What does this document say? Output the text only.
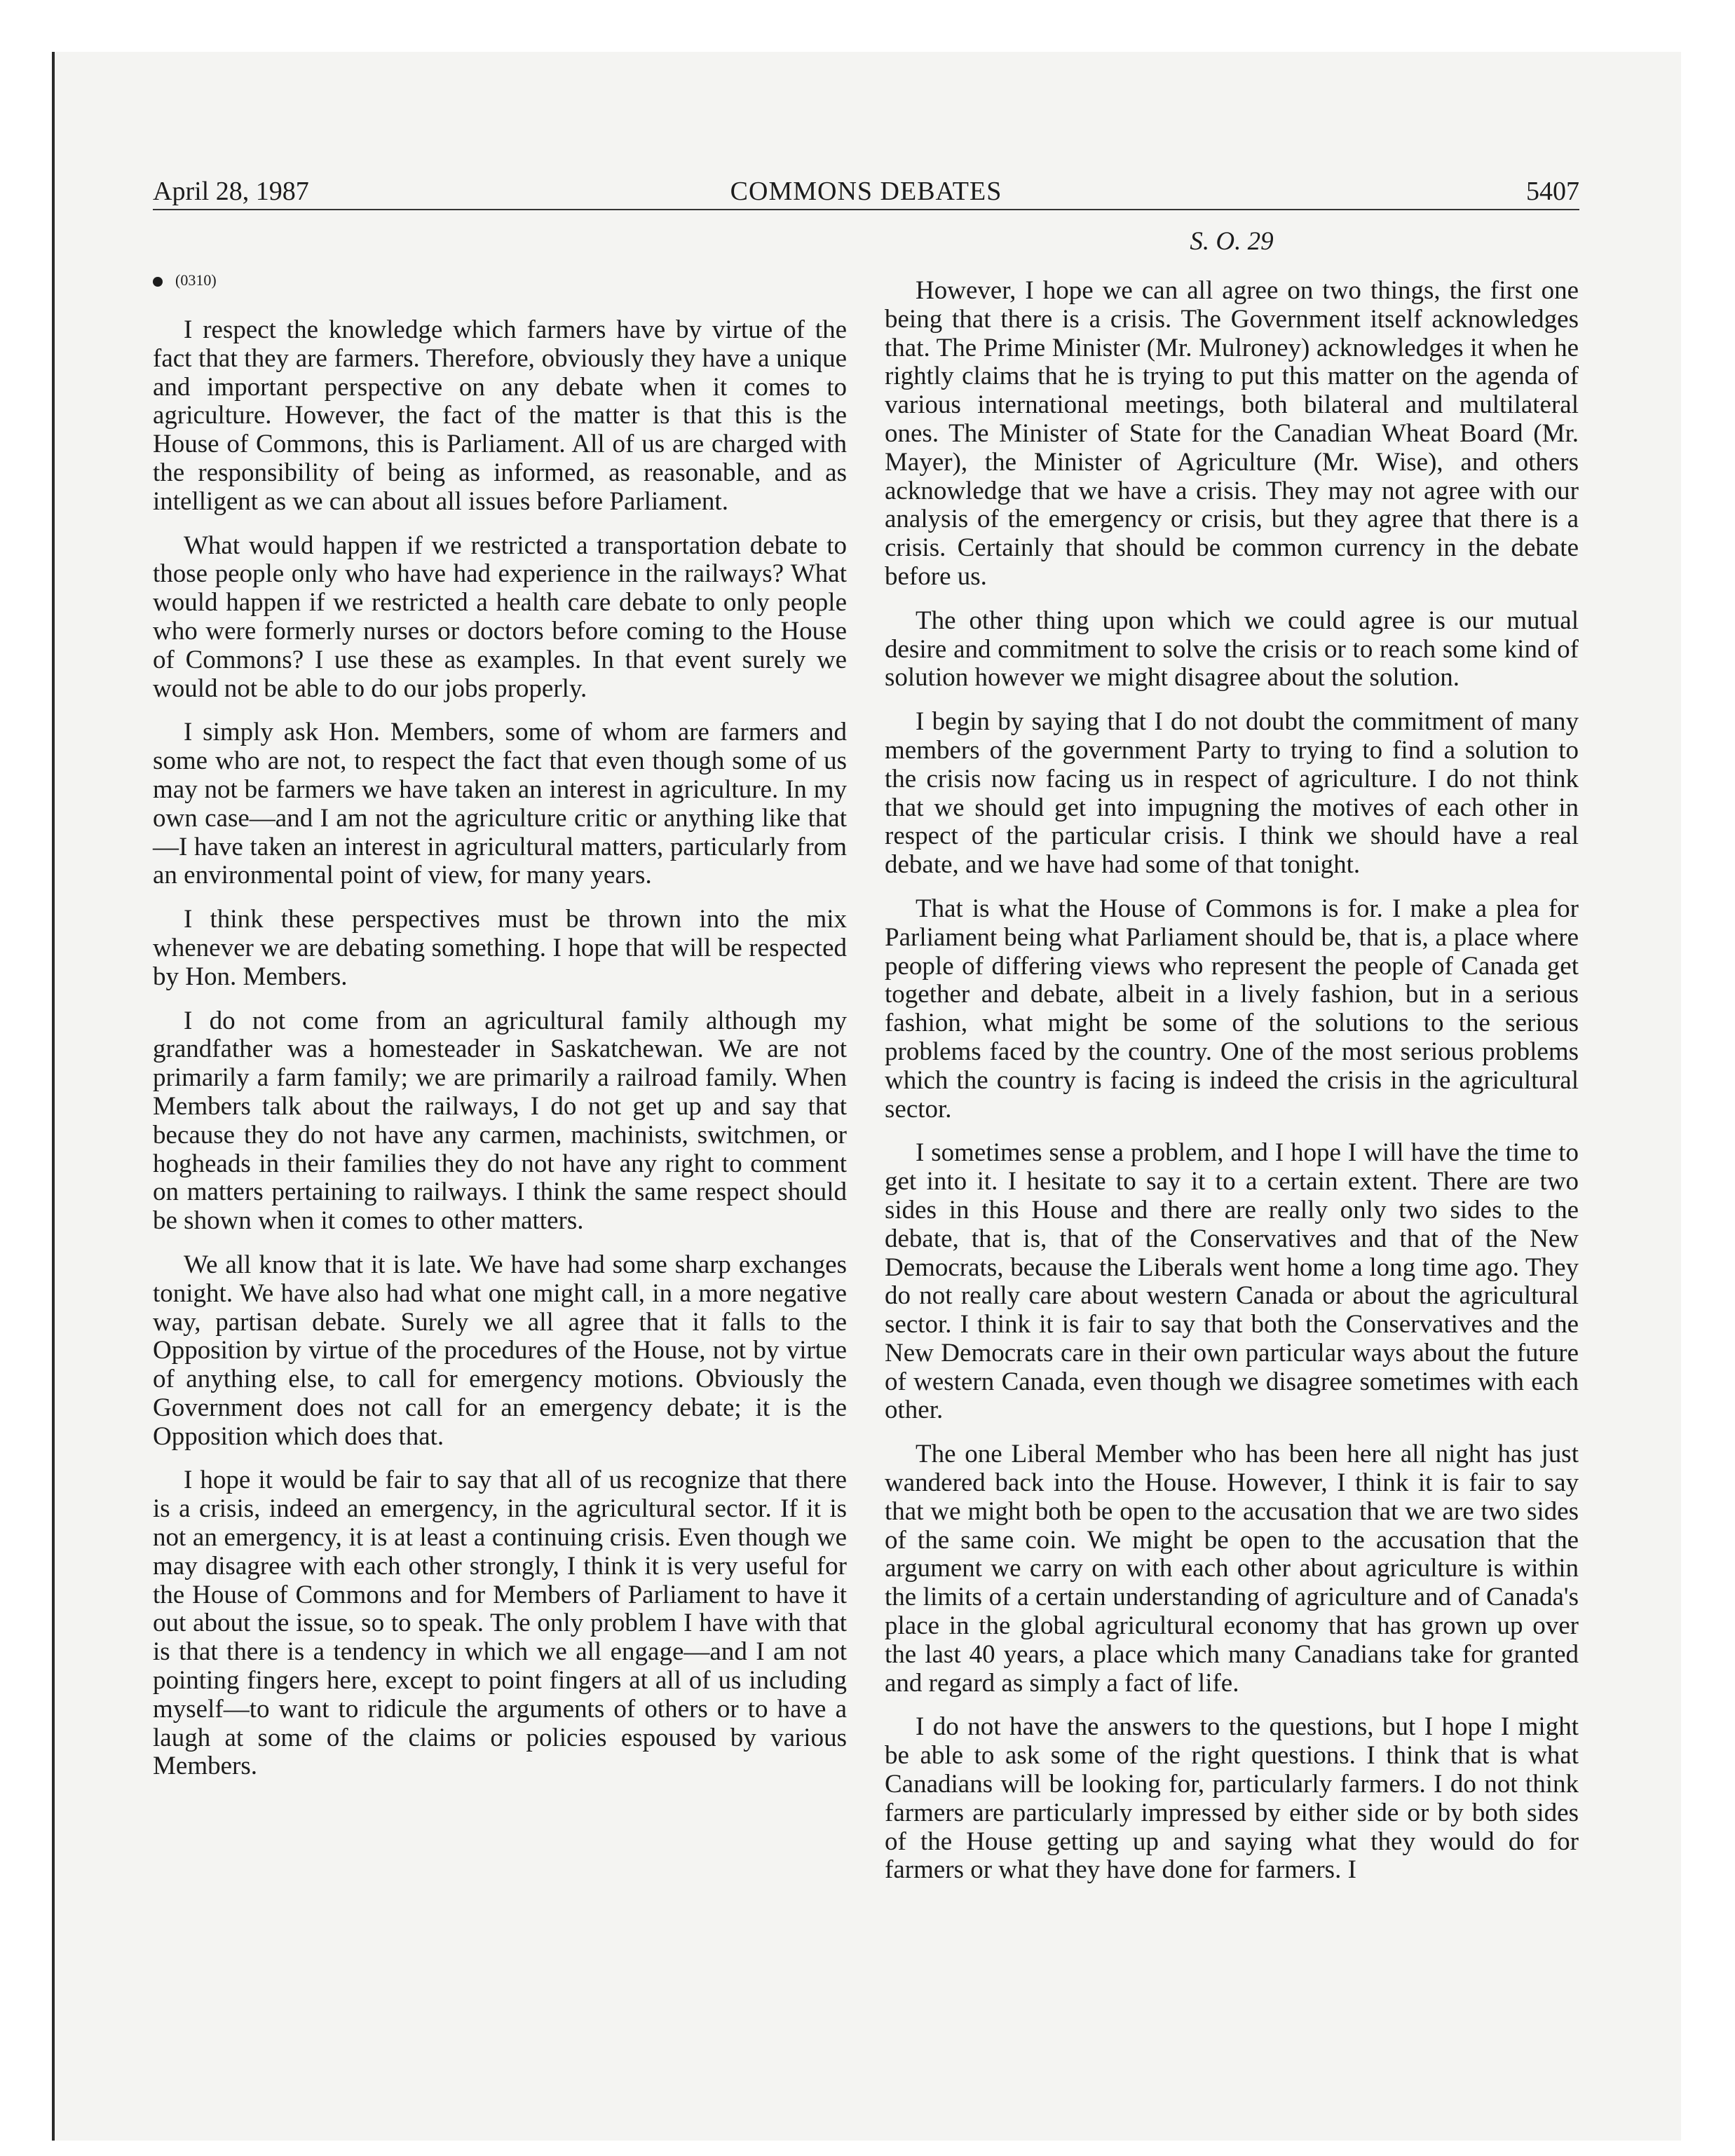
April 28, 1987	COMMONS DEBATES	5407
S. O. 29
(0310)

I respect the knowledge which farmers have by virtue of the fact that they are farmers. Therefore, obviously they have a unique and important perspective on any debate when it comes to agriculture. However, the fact of the matter is that this is the House of Commons, this is Parliament. All of us are charged with the responsibility of being as informed, as reasonable, and as intelligent as we can about all issues before Parliament.

What would happen if we restricted a transportation debate to those people only who have had experience in the railways? What would happen if we restricted a health care debate to only people who were formerly nurses or doctors before coming to the House of Commons? I use these as examples. In that event surely we would not be able to do our jobs properly.

I simply ask Hon. Members, some of whom are farmers and some who are not, to respect the fact that even though some of us may not be farmers we have taken an interest in agriculture. In my own case—and I am not the agriculture critic or anything like that—I have taken an interest in agricultural matters, particularly from an environmental point of view, for many years.

I think these perspectives must be thrown into the mix whenever we are debating something. I hope that will be respected by Hon. Members.

I do not come from an agricultural family although my grandfather was a homesteader in Saskatchewan. We are not primarily a farm family; we are primarily a railroad family. When Members talk about the railways, I do not get up and say that because they do not have any carmen, machinists, switchmen, or hogheads in their families they do not have any right to comment on matters pertaining to railways. I think the same respect should be shown when it comes to other matters.

We all know that it is late. We have had some sharp exchanges tonight. We have also had what one might call, in a more negative way, partisan debate. Surely we all agree that it falls to the Opposition by virtue of the procedures of the House, not by virtue of anything else, to call for emergency motions. Obviously the Government does not call for an emergency debate; it is the Opposition which does that.

I hope it would be fair to say that all of us recognize that there is a crisis, indeed an emergency, in the agricultural sector. If it is not an emergency, it is at least a continuing crisis. Even though we may disagree with each other strongly, I think it is very useful for the House of Commons and for Members of Parliament to have it out about the issue, so to speak. The only problem I have with that is that there is a tendency in which we all engage—and I am not pointing fingers here, except to point fingers at all of us including myself—to want to ridicule the arguments of others or to have a laugh at some of the claims or policies espoused by various Members.

However, I hope we can all agree on two things, the first one being that there is a crisis. The Government itself acknowledges that. The Prime Minister (Mr. Mulroney) acknowledges it when he rightly claims that he is trying to put this matter on the agenda of various international meetings, both bilateral and multilateral ones. The Minister of State for the Canadian Wheat Board (Mr. Mayer), the Minister of Agriculture (Mr. Wise), and others acknowledge that we have a crisis. They may not agree with our analysis of the emergency or crisis, but they agree that there is a crisis. Certainly that should be common currency in the debate before us.

The other thing upon which we could agree is our mutual desire and commitment to solve the crisis or to reach some kind of solution however we might disagree about the solution.

I begin by saying that I do not doubt the commitment of many members of the government Party to trying to find a solution to the crisis now facing us in respect of agriculture. I do not think that we should get into impugning the motives of each other in respect of the particular crisis. I think we should have a real debate, and we have had some of that tonight.

That is what the House of Commons is for. I make a plea for Parliament being what Parliament should be, that is, a place where people of differing views who represent the people of Canada get together and debate, albeit in a lively fashion, but in a serious fashion, what might be some of the solutions to the serious problems faced by the country. One of the most serious problems which the country is facing is indeed the crisis in the agricultural sector.

I sometimes sense a problem, and I hope I will have the time to get into it. I hesitate to say it to a certain extent. There are two sides in this House and there are really only two sides to the debate, that is, that of the Conservatives and that of the New Democrats, because the Liberals went home a long time ago. They do not really care about western Canada or about the agricultural sector. I think it is fair to say that both the Conservatives and the New Democrats care in their own particular ways about the future of western Canada, even though we disagree sometimes with each other.

The one Liberal Member who has been here all night has just wandered back into the House. However, I think it is fair to say that we might both be open to the accusation that we are two sides of the same coin. We might be open to the accusation that the argument we carry on with each other about agriculture is within the limits of a certain understanding of agriculture and of Canada's place in the global agricultural economy that has grown up over the last 40 years, a place which many Canadians take for granted and regard as simply a fact of life.

I do not have the answers to the questions, but I hope I might be able to ask some of the right questions. I think that is what Canadians will be looking for, particularly farmers. I do not think farmers are particularly impressed by either side or by both sides of the House getting up and saying what they would do for farmers or what they have done for farmers. I
